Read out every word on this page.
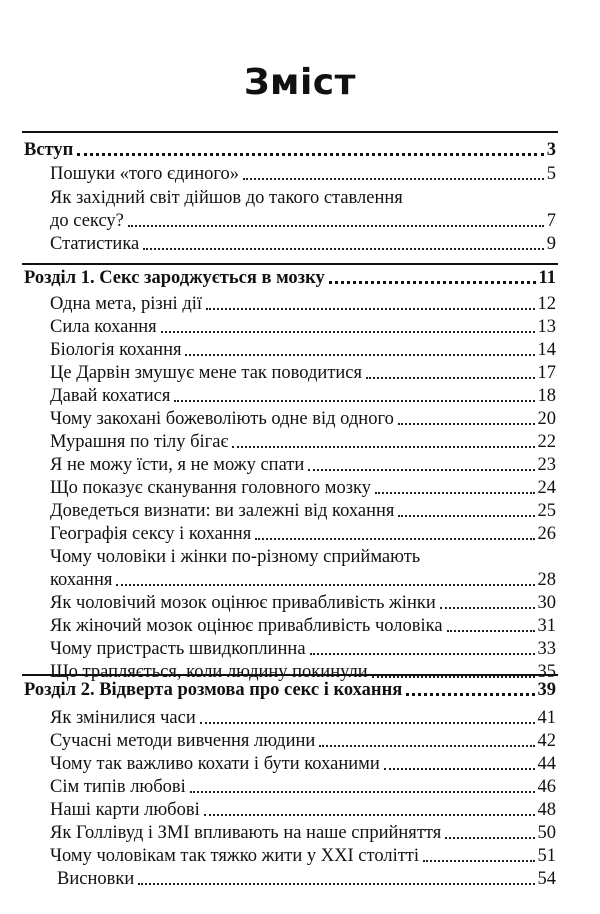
Зміст
Вступ	3
Пошуки «того єдиного»	5
Як західний світ дійшов до такого ставлення
до сексу?	7
Статистика	9
Розділ 1. Секс зароджується в мозку	11
Одна мета, різні дії	12
Сила кохання	13
Біологія кохання	14
Це Дарвін змушує мене так поводитися	17
Давай кохатися	18
Чому закохані божеволіють одне від одного	20
Мурашня по тілу бігає	22
Я не можу їсти, я не можу спати	23
Що показує сканування головного мозку	24
Доведеться визнати: ви залежні від кохання	25
Географія сексу і кохання	26
Чому чоловіки і жінки по-різному сприймають
кохання	28
Як чоловічий мозок оцінює привабливість жінки	30
Як жіночий мозок оцінює привабливість чоловіка	31
Чому пристрасть швидкоплинна	33
Що трапляється, коли людину покинули	35
Розділ 2. Відверта розмова про секс і кохання	39
Як змінилися часи	41
Сучасні методи вивчення людини	42
Чому так важливо кохати і бути коханими	44
Сім типів любові	46
Наші карти любові	48
Як Голлівуд і ЗМІ впливають на наше сприйняття	50
Чому чоловікам так тяжко жити у XXI столітті	51
Висновки	54
